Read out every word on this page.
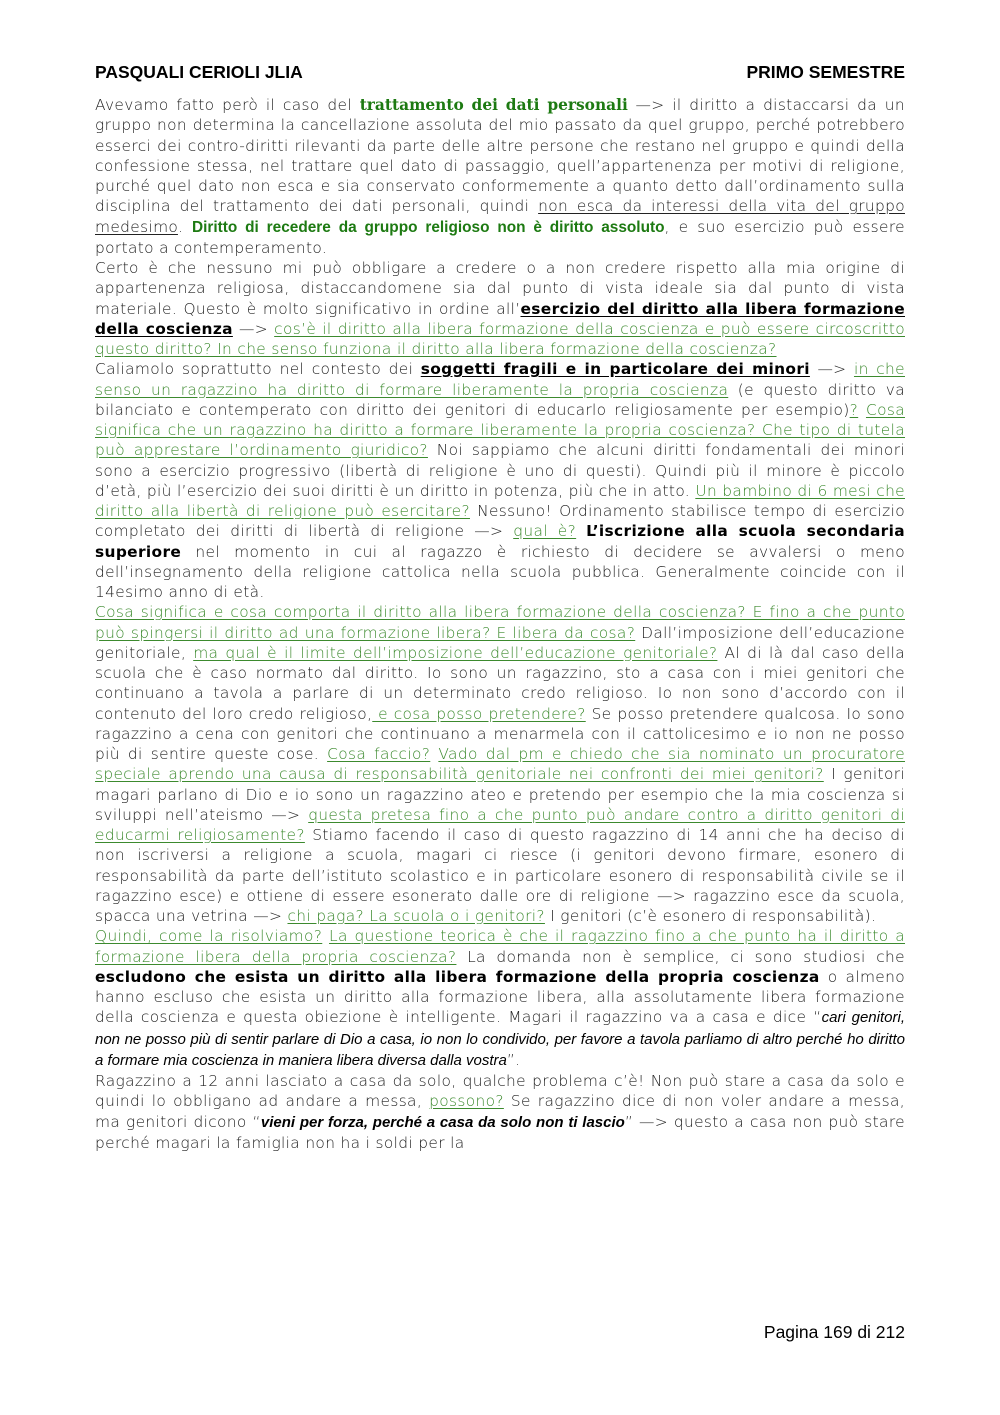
PASQUALI CERIOLI JLIA	PRIMO SEMESTRE

Avevamo fatto però il caso del trattamento dei dati personali —> il diritto a distaccarsi da un gruppo non determina la cancellazione assoluta del mio passato da quel gruppo, perché potrebbero esserci dei contro-diritti rilevanti da parte delle altre persone che restano nel gruppo e quindi della confessione stessa, nel trattare quel dato di passaggio, quell’appartenenza per motivi di religione, purché quel dato non esca e sia conservato conformemente a quanto detto dall’ordinamento sulla disciplina del trattamento dei dati personali, quindi non esca da interessi della vita del gruppo medesimo. Diritto di recedere da gruppo religioso non è diritto assoluto, e suo esercizio può essere portato a contemperamento.

Certo è che nessuno mi può obbligare a credere o a non credere rispetto alla mia origine di appartenenza religiosa, distaccandomene sia dal punto di vista ideale sia dal punto di vista materiale. Questo è molto significativo in ordine all’esercizio del diritto alla libera formazione della coscienza —> cos’è il diritto alla libera formazione della coscienza e può essere circoscritto questo diritto? In che senso funziona il diritto alla libera formazione della coscienza?

Caliamolo soprattutto nel contesto dei soggetti fragili e in particolare dei minori —> in che senso un ragazzino ha diritto di formare liberamente la propria coscienza (e questo diritto va bilanciato e contemperato con diritto dei genitori di educarlo religiosamente per esempio)? Cosa significa che un ragazzino ha diritto a formare liberamente la propria coscienza? Che tipo di tutela può apprestare l’ordinamento giuridico? Noi sappiamo che alcuni diritti fondamentali dei minori sono a esercizio progressivo (libertà di religione è uno di questi). Quindi più il minore è piccolo d’età, più l’esercizio dei suoi diritti è un diritto in potenza, più che in atto. Un bambino di 6 mesi che diritto alla libertà di religione può esercitare? Nessuno! Ordinamento stabilisce tempo di esercizio completato dei diritti di libertà di religione —> qual è? L’iscrizione alla scuola secondaria superiore nel momento in cui al ragazzo è richiesto di decidere se avvalersi o meno dell’insegnamento della religione cattolica nella scuola pubblica. Generalmente coincide con il 14esimo anno di età.

Cosa significa e cosa comporta il diritto alla libera formazione della coscienza? E fino a che punto può spingersi il diritto ad una formazione libera? E libera da cosa? Dall’imposizione dell’educazione genitoriale, ma qual è il limite dell’imposizione dell’educazione genitoriale? Al di là dal caso della scuola che è caso normato dal diritto. Io sono un ragazzino, sto a casa con i miei genitori che continuano a tavola a parlare di un determinato credo religioso. Io non sono d’accordo con il contenuto del loro credo religioso, e cosa posso pretendere? Se posso pretendere qualcosa. Io sono ragazzino a cena con genitori che continuano a menarmela con il cattolicesimo e io non ne posso più di sentire queste cose. Cosa faccio? Vado dal pm e chiedo che sia nominato un procuratore speciale aprendo una causa di responsabilità genitoriale nei confronti dei miei genitori? I genitori magari parlano di Dio e io sono un ragazzino ateo e pretendo per esempio che la mia coscienza si sviluppi nell’ateismo —> questa pretesa fino a che punto può andare contro a diritto genitori di educarmi religiosamente? Stiamo facendo il caso di questo ragazzino di 14 anni che ha deciso di non iscriversi a religione a scuola, magari ci riesce (i genitori devono firmare, esonero di responsabilità da parte dell’istituto scolastico e in particolare esonero di responsabilità civile se il ragazzino esce) e ottiene di essere esonerato dalle ore di religione —> ragazzino esce da scuola, spacca una vetrina —> chi paga? La scuola o i genitori? I genitori (c’è esonero di responsabilità).

Quindi, come la risolviamo? La questione teorica è che il ragazzino fino a che punto ha il diritto a formazione libera della propria coscienza? La domanda non è semplice, ci sono studiosi che escludono che esista un diritto alla libera formazione della propria coscienza o almeno hanno escluso che esista un diritto alla formazione libera, alla assolutamente libera formazione della coscienza e questa obiezione è intelligente. Magari il ragazzino va a casa e dice “cari genitori, non ne posso più di sentir parlare di Dio a casa, io non lo condivido, per favore a tavola parliamo di altro perché ho diritto a formare mia coscienza in maniera libera diversa dalla vostra”.

Ragazzino a 12 anni lasciato a casa da solo, qualche problema c’è! Non può stare a casa da solo e quindi lo obbligano ad andare a messa, possono? Se ragazzino dice di non voler andare a messa, ma genitori dicono “vieni per forza, perché a casa da solo non ti lascio” —> questo a casa non può stare perché magari la famiglia non ha i soldi per la

Pagina 169 di 212
